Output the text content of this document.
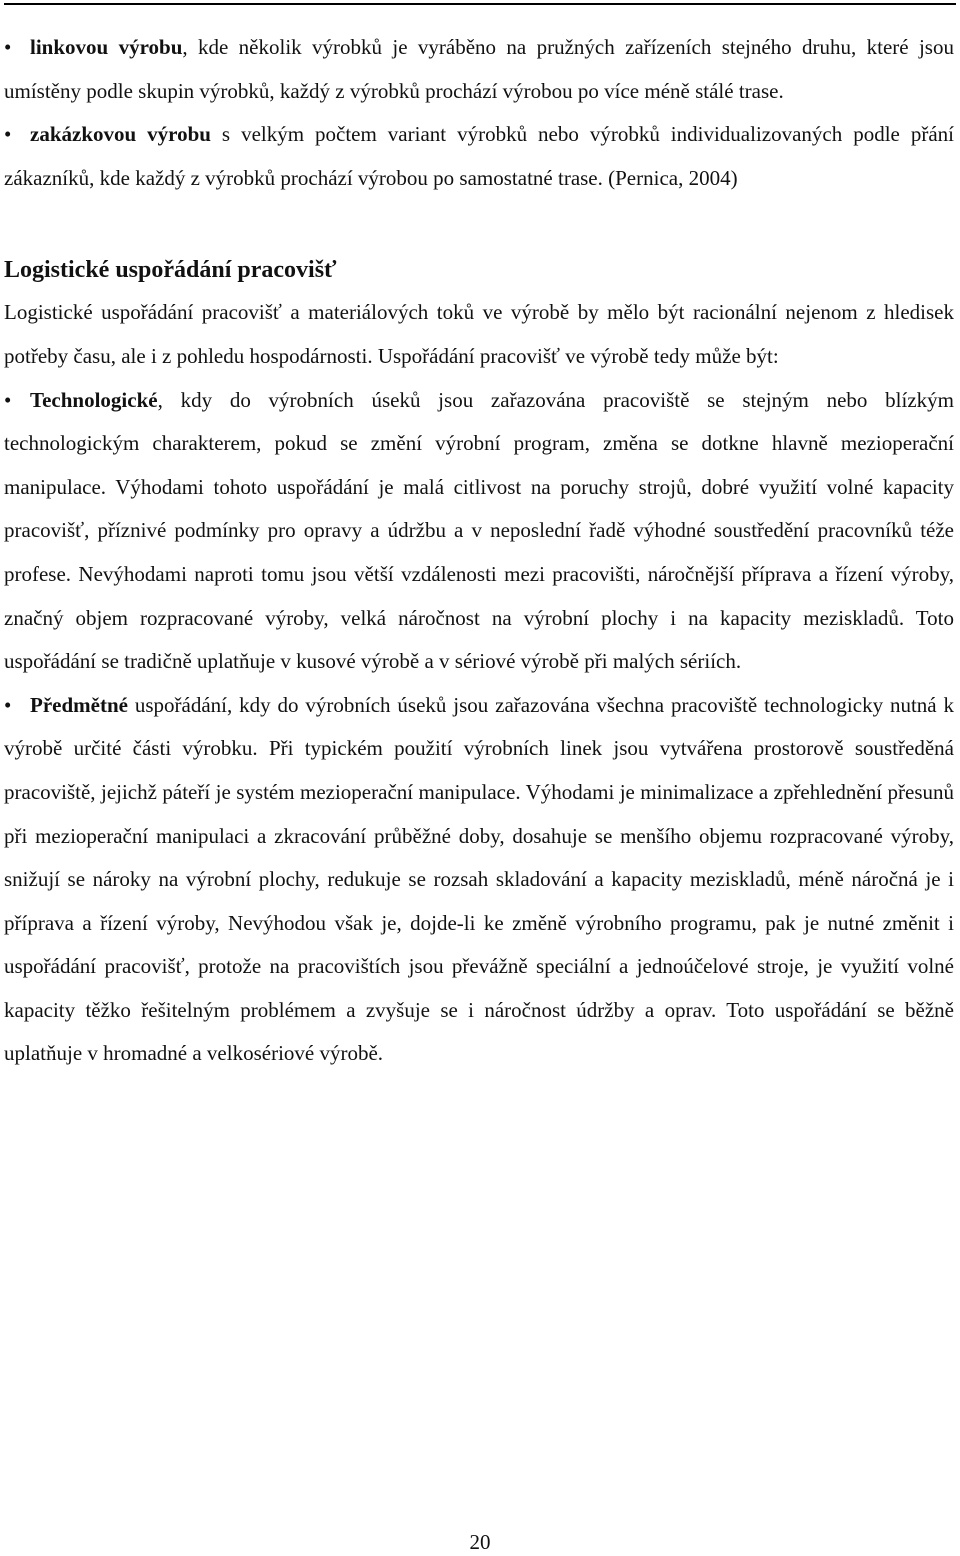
• linkovou výrobu, kde několik výrobků je vyráběno na pružných zařízeních stejného druhu, které jsou umístěny podle skupin výrobků, každý z výrobků prochází výrobou po více méně stálé trase.

• zakázkovou výrobu s velkým počtem variant výrobků nebo výrobků individualizovaných podle přání zákazníků, kde každý z výrobků prochází výrobou po samostatné trase. (Pernica, 2004)

Logistické uspořádání pracovišť

Logistické uspořádání pracovišť a materiálových toků ve výrobě by mělo být racionální nejenom z hledisek potřeby času, ale i z pohledu hospodárnosti. Uspořádání pracovišť ve výrobě tedy může být:

• Technologické, kdy do výrobních úseků jsou zařazována pracoviště se stejným nebo blízkým technologickým charakterem, pokud se změní výrobní program, změna se dotkne hlavně mezioperační manipulace. Výhodami tohoto uspořádání je malá citlivost na poruchy strojů, dobré využití volné kapacity pracovišť, příznivé podmínky pro opravy a údržbu a v neposlední řadě výhodné soustředění pracovníků téže profese. Nevýhodami naproti tomu jsou větší vzdálenosti mezi pracovišti, náročnější příprava a řízení výroby, značný objem rozpracované výroby, velká náročnost na výrobní plochy i na kapacity meziskladů. Toto uspořádání se tradičně uplatňuje v kusové výrobě a v sériové výrobě při malých sériích.

• Předmětné uspořádání, kdy do výrobních úseků jsou zařazována všechna pracoviště technologicky nutná k výrobě určité části výrobku. Při typickém použití výrobních linek jsou vytvářena prostorově soustředěná pracoviště, jejichž páteří je systém mezioperační manipulace. Výhodami je minimalizace a zpřehlednění přesunů při mezioperační manipulaci a zkracování průběžné doby, dosahuje se menšího objemu rozpracované výroby, snižují se nároky na výrobní plochy, redukuje se rozsah skladování a kapacity meziskladů, méně náročná je i příprava a řízení výroby, Nevýhodou však je, dojde-li ke změně výrobního programu, pak je nutné změnit i uspořádání pracovišť, protože na pracovištích jsou převážně speciální a jednoúčelové stroje, je využití volné kapacity těžko řešitelným problémem a zvyšuje se i náročnost údržby a oprav. Toto uspořádání se běžně uplatňuje v hromadné a velkosériové výrobě.

20
